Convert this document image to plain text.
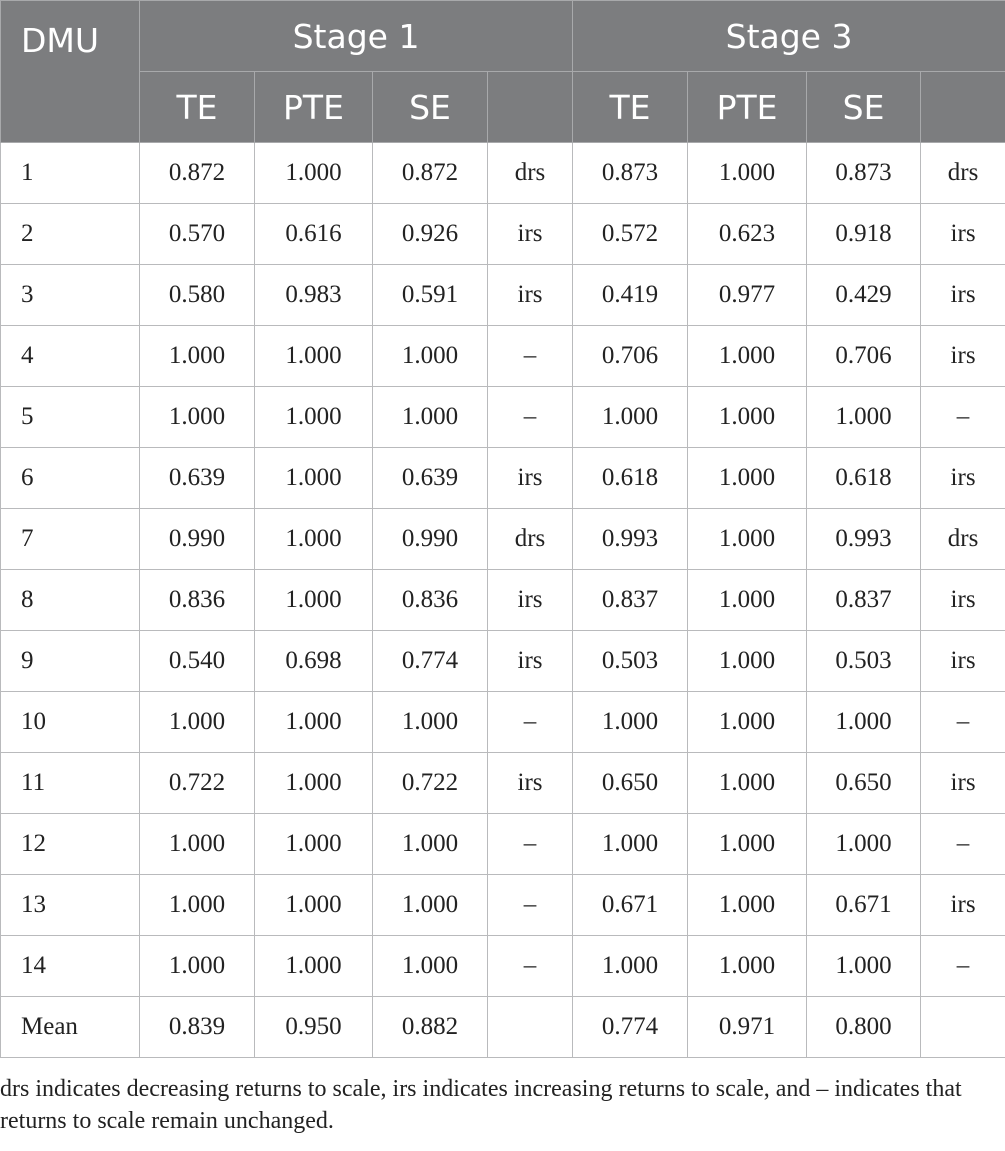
DMU	Stage 1				Stage 3			
	TE	PTE	SE		TE	PTE	SE	
1	0.872	1.000	0.872	drs	0.873	1.000	0.873	drs
2	0.570	0.616	0.926	irs	0.572	0.623	0.918	irs
3	0.580	0.983	0.591	irs	0.419	0.977	0.429	irs
4	1.000	1.000	1.000	–	0.706	1.000	0.706	irs
5	1.000	1.000	1.000	–	1.000	1.000	1.000	–
6	0.639	1.000	0.639	irs	0.618	1.000	0.618	irs
7	0.990	1.000	0.990	drs	0.993	1.000	0.993	drs
8	0.836	1.000	0.836	irs	0.837	1.000	0.837	irs
9	0.540	0.698	0.774	irs	0.503	1.000	0.503	irs
10	1.000	1.000	1.000	–	1.000	1.000	1.000	–
11	0.722	1.000	0.722	irs	0.650	1.000	0.650	irs
12	1.000	1.000	1.000	–	1.000	1.000	1.000	–
13	1.000	1.000	1.000	–	0.671	1.000	0.671	irs
14	1.000	1.000	1.000	–	1.000	1.000	1.000	–
Mean	0.839	0.950	0.882		0.774	0.971	0.800	

drs indicates decreasing returns to scale, irs indicates increasing returns to scale, and – indicates that returns to scale remain unchanged.
